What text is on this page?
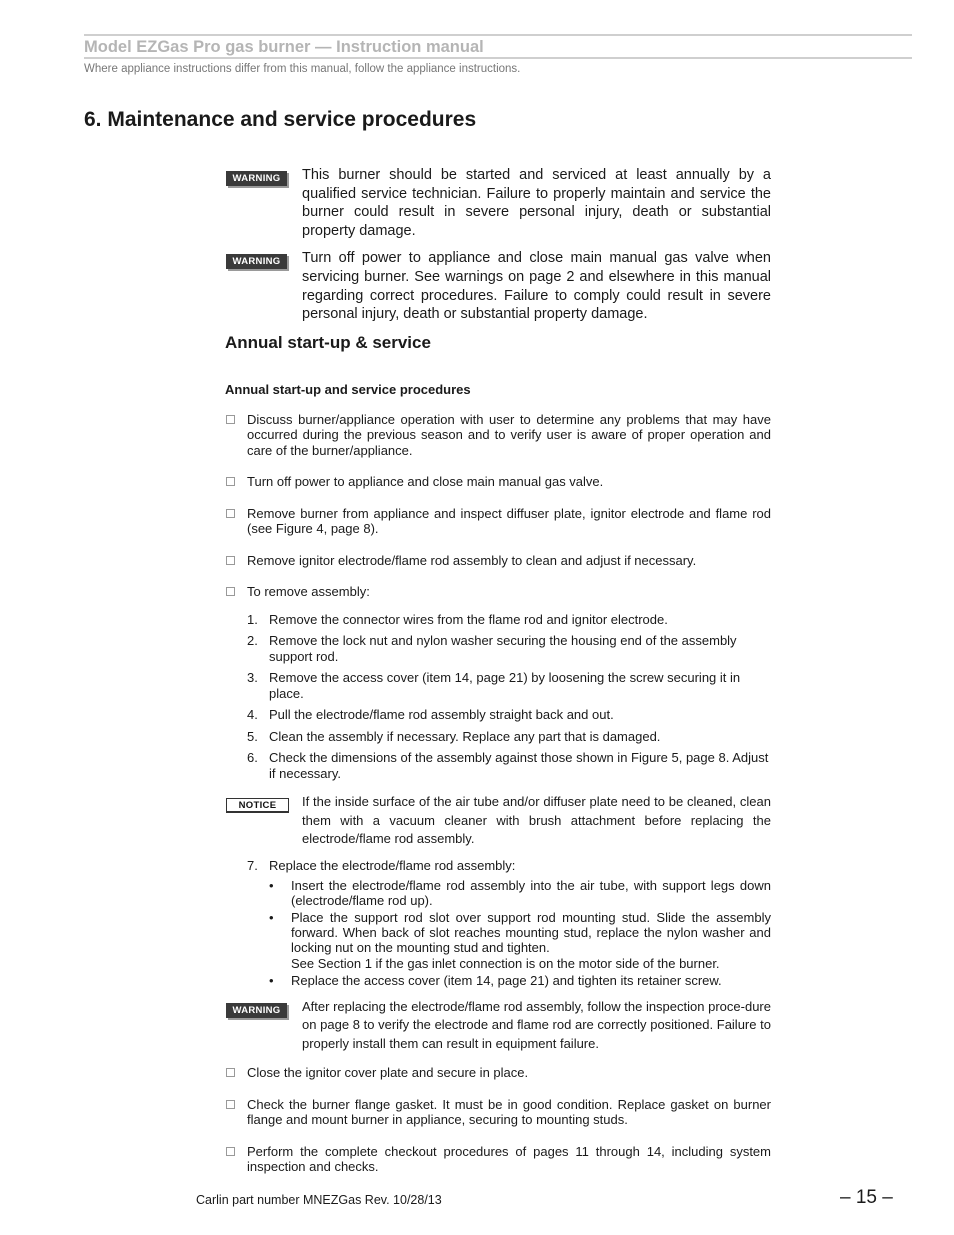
Model EZGas Pro gas burner — Instruction manual
Where appliance instructions differ from this manual, follow the appliance instructions.
6. Maintenance and service procedures
WARNING	This burner should be started and serviced at least annually by a qualified service technician. Failure to properly maintain and service the burner could result in severe personal injury, death or substantial property damage.
WARNING	Turn off power to appliance and close main manual gas valve when servicing burner. See warnings on page 2 and elsewhere in this manual regarding correct procedures. Failure to comply could result in severe personal injury, death or substantial property damage.
Annual start-up & service
Annual start-up and service procedures
Discuss burner/appliance operation with user to determine any problems that may have occurred during the previous season and to verify user is aware of proper operation and care of the burner/appliance.
Turn off power to appliance and close main manual gas valve.
Remove burner from appliance and inspect diffuser plate, ignitor electrode and flame rod (see Figure 4, page 8).
Remove ignitor electrode/flame rod assembly to clean and adjust if necessary.
To remove assembly:
1. Remove the connector wires from the flame rod and ignitor electrode.
2. Remove the lock nut and nylon washer securing the housing end of the assembly support rod.
3. Remove the access cover (item 14, page 21) by loosening the screw securing it in place.
4. Pull the electrode/flame rod assembly straight back and out.
5. Clean the assembly if necessary. Replace any part that is damaged.
6. Check the dimensions of the assembly against those shown in Figure 5, page 8. Adjust if necessary.
NOTICE	If the inside surface of the air tube and/or diffuser plate need to be cleaned, clean them with a vacuum cleaner with brush attachment before replacing the electrode/flame rod assembly.
7. Replace the electrode/flame rod assembly:
• Insert the electrode/flame rod assembly into the air tube, with support legs down (electrode/flame rod up).
• Place the support rod slot over support rod mounting stud. Slide the assembly forward. When back of slot reaches mounting stud, replace the nylon washer and locking nut on the mounting stud and tighten.
See Section 1 if the gas inlet connection is on the motor side of the burner.
• Replace the access cover (item 14, page 21) and tighten its retainer screw.
WARNING	After replacing the electrode/flame rod assembly, follow the inspection proce-dure on page 8 to verify the electrode and flame rod are correctly positioned. Failure to properly install them can result in equipment failure.
Close the ignitor cover plate and secure in place.
Check the burner flange gasket. It must be in good condition. Replace gasket on burner flange and mount burner in appliance, securing to mounting studs.
Perform the complete checkout procedures of pages 11 through 14, including system inspection and checks.
Carlin part number MNEZGas Rev. 10/28/13	– 15 –
